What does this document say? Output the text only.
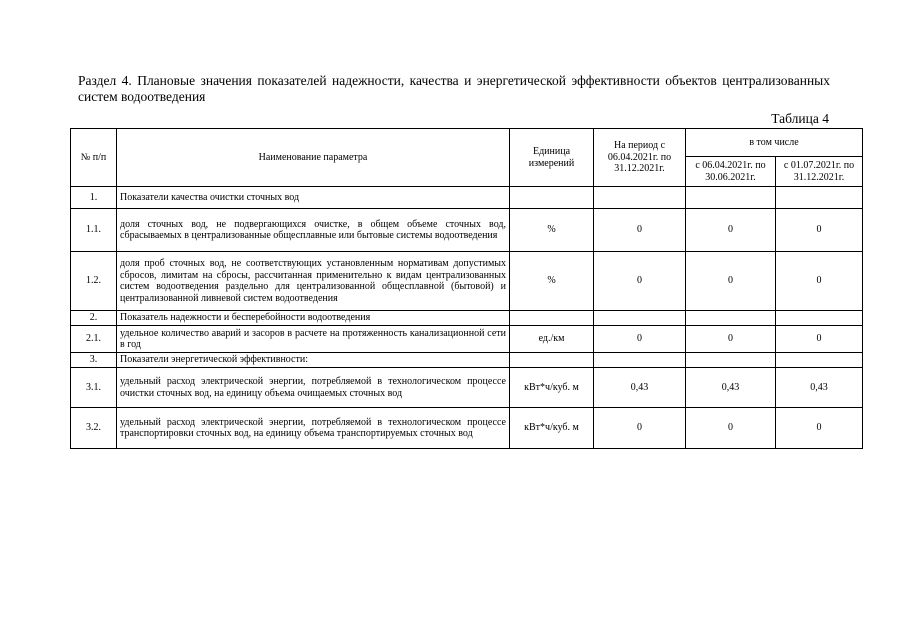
Раздел 4. Плановые значения показателей надежности, качества и энергетической эффективности объектов централизованных систем водоотведения
Таблица 4
№ п/п	Наименование параметра	Единица измерений	На период с 06.04.2021г. по 31.12.2021г.	в том числе	
				с 06.04.2021г. по 30.06.2021г.	с 01.07.2021г. по 31.12.2021г.
1.	Показатели качества очистки сточных вод				
1.1.	доля сточных вод, не подвергающихся очистке, в общем объеме сточных вод, сбрасываемых в централизованные общесплавные или бытовые системы водоотведения	%	0	0	0
1.2.	доля проб сточных вод, не соответствующих установленным нормативам допустимых сбросов, лимитам на сбросы, рассчитанная применительно к видам централизованных систем водоотведения раздельно для централизованной общесплавной (бытовой) и централизованной ливневой систем водоотведения	%	0	0	0
2.	Показатель надежности и бесперебойности водоотведения				
2.1.	удельное количество аварий и засоров в расчете на протяженность канализационной сети в год	ед./км	0	0	0
3.	Показатели энергетической эффективности:				
3.1.	удельный расход электрической энергии, потребляемой в технологическом процессе очистки сточных вод, на единицу объема очищаемых сточных вод	кВт*ч/куб. м	0,43	0,43	0,43
3.2.	удельный расход электрической энергии, потребляемой в технологическом процессе транспортировки сточных вод, на единицу объема транспортируемых сточных вод	кВт*ч/куб. м	0	0	0
